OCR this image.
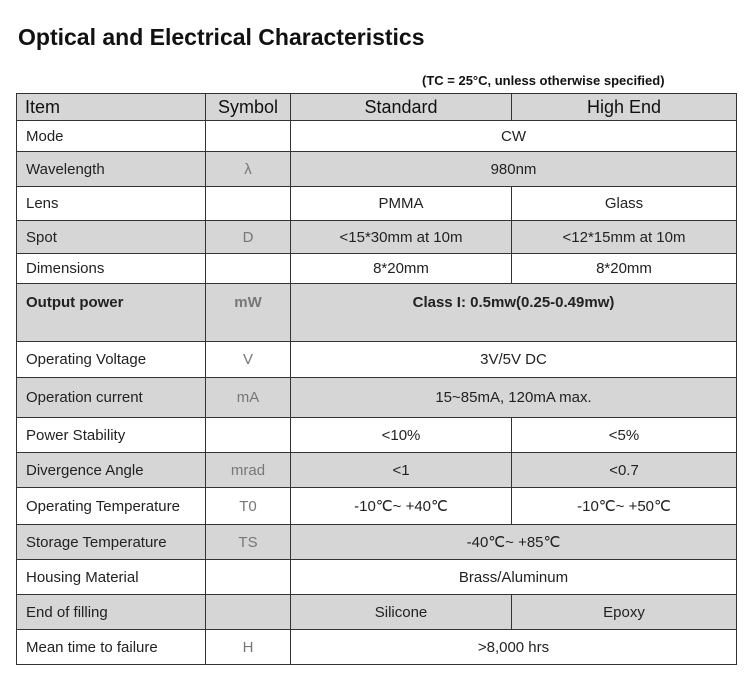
Optical and Electrical Characteristics
(TC = 25°C, unless otherwise specified)
Item	Symbol	Standard	High End
Mode		CW	
Wavelength	λ	980nm	
Lens		PMMA	Glass
Spot	D	<15*30mm at 10m	<12*15mm at 10m
Dimensions		8*20mm	8*20mm
Output power	mW	Class I: 0.5mw(0.25-0.49mw)	
Operating Voltage	V	3V/5V DC	
Operation current	mA	15~85mA, 120mA max.	
Power Stability		<10%	<5%
Divergence Angle	mrad	<1	<0.7
Operating Temperature	T0	-10℃~ +40℃	-10℃~ +50℃
Storage Temperature	TS	-40℃~ +85℃	
Housing Material		Brass/Aluminum	
End of filling		Silicone	Epoxy
Mean time to failure	H	>8,000 hrs	
